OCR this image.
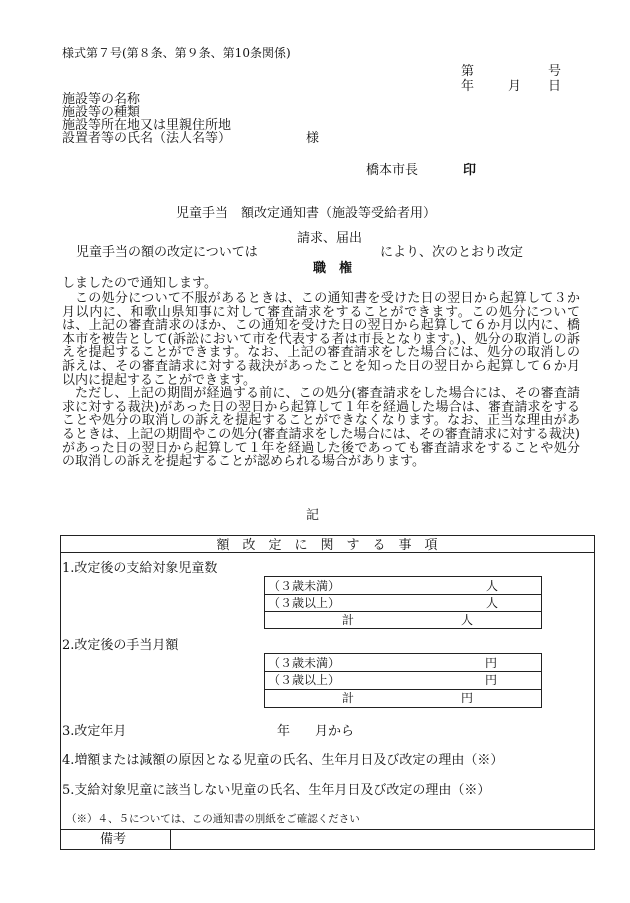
様式第７号(第８条、第９条、第10条関係)
第	号
年	月 日
施設等の名称
施設等の種類
施設等所在地又は里親住所地
設置者等の氏名（法人名等）	様
橋本市長	印
児童手当　額改定通知書（施設等受給者用）
請求、届出
児童手当の額の改定については	により、次のとおり改定
職　権
しましたので通知します。

この処分について不服があるときは、この通知書を受けた日の翌日から起算して３か月以内に、和歌山県知事に対して審査請求をすることができます。この処分については、上記の審査請求のほか、この通知を受けた日の翌日から起算して６か月以内に、橋本市を被告として(訴訟において市を代表する者は市長となります。)、処分の取消しの訴えを提起することができます。なお、上記の審査請求をした場合には、処分の取消しの訴えは、その審査請求に対する裁決があったことを知った日の翌日から起算して６か月以内に提起することができます。

ただし、上記の期間が経過する前に、この処分(審査請求をした場合には、その審査請求に対する裁決)があった日の翌日から起算して１年を経過した場合は、審査請求をすることや処分の取消しの訴えを提起することができなくなります。なお、正当な理由があるときは、上記の期間やこの処分(審査請求をした場合には、その審査請求に対する裁決)があった日の翌日から起算して１年を経過した後であっても審査請求をすることや処分の取消しの訴えを提起することが認められる場合があります。

記
額　改　定　に　関　す　る　事　項
1.改定後の支給対象児童数
（３歳未満）	人
（３歳以上）	人
計	人
2.改定後の手当月額
（３歳未満）	円
（３歳以上）	円
計	円
3.改定年月	年 月から
4.増額または減額の原因となる児童の氏名、生年月日及び改定の理由（※）
5.支給対象児童に該当しない児童の氏名、生年月日及び改定の理由（※）
（※）４、５については、この通知書の別紙をご確認ください
備考
